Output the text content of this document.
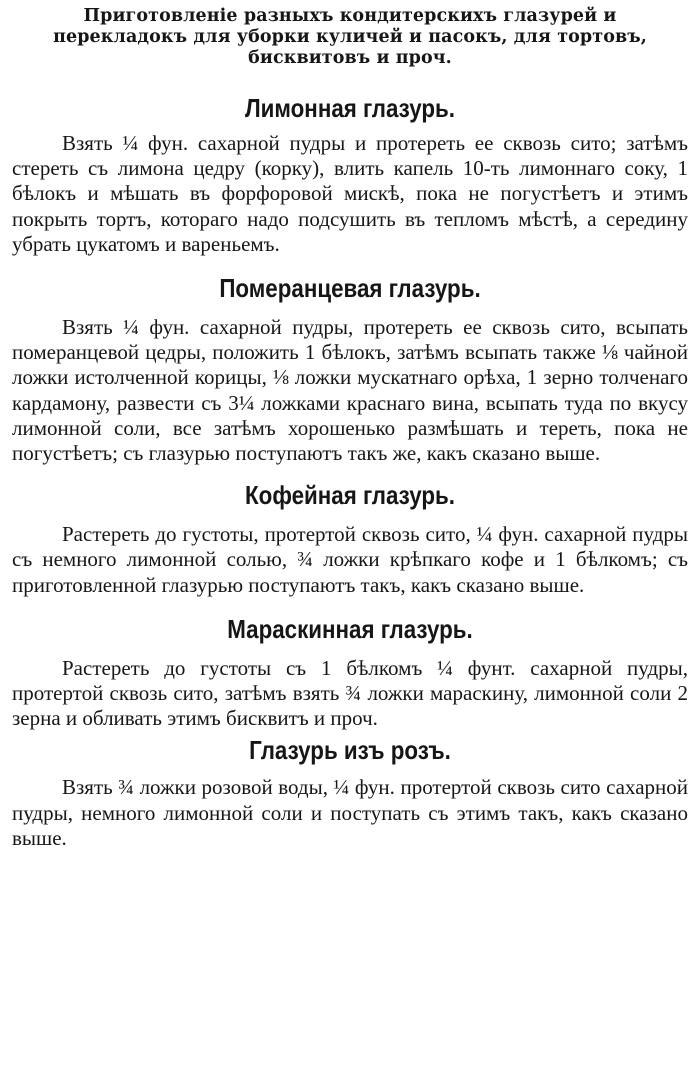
Приготовленіе разныхъ кондитерскихъ глазурей и перекладокъ для уборки куличей и пасокъ, для тортовъ, бисквитовъ и проч.
Лимонная глазурь.

Взять ¼ фун. сахарной пудры и протереть ее сквозь сито; затѣмъ стереть съ лимона цедру (корку), влить капель 10-ть лимоннаго соку, 1 бѣлокъ и мѣшать въ форфоровой мискѣ, пока не погустѣетъ и этимъ покрыть тортъ, котораго надо подсушить въ тепломъ мѣстѣ, а середину убрать цукатомъ и вареньемъ.

Померанцевая глазурь.

Взять ¼ фун. сахарной пудры, протереть ее сквозь сито, всыпать померанцевой цедры, положить 1 бѣлокъ, затѣмъ всыпать также ⅛ чайной ложки истолченной корицы, ⅛ ложки мускатнаго орѣха, 1 зерно толченаго кардамону, развести съ 3¼ ложками краснаго вина, всыпать туда по вкусу лимонной соли, все затѣмъ хорошенько размѣшать и тереть, пока не погустѣетъ; съ глазурью поступаютъ такъ же, какъ сказано выше.

Кофейная глазурь.

Растереть до густоты, протертой сквозь сито, ¼ фун. сахарной пудры съ немного лимонной солью, ¾ ложки крѣпкаго кофе и 1 бѣлкомъ; съ приготовленной глазурью поступаютъ такъ, какъ сказано выше.

Мараскинная глазурь.

Растереть до густоты съ 1 бѣлкомъ ¼ фунт. сахарной пудры, протертой сквозь сито, затѣмъ взять ¾ ложки мараскину, лимонной соли 2 зерна и обливать этимъ бисквитъ и проч.

Глазурь изъ розъ.

Взять ¾ ложки розовой воды, ¼ фун. протертой сквозь сито сахарной пудры, немного лимонной соли и поступать съ этимъ такъ, какъ сказано выше.
